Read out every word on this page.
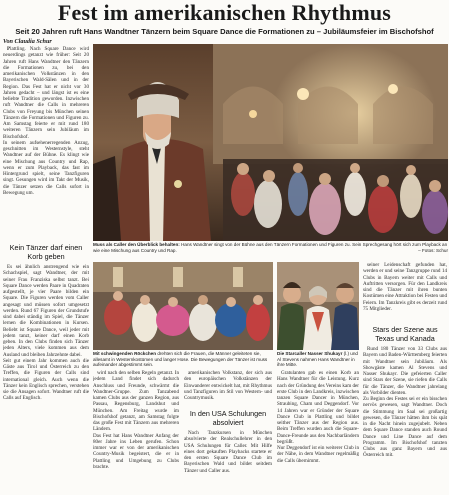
Fest im amerikanischen Rhythmus
Seit 20 Jahren ruft Hans Wandtner Tänzern beim Square Dance die Formationen zu – Jubiläumsfeier im Bischofshof
Von Claudia Schur

Plattling. Nach Square Dance wird neuerdings getanzt wie früher: Seit 20 Jahren ruft Hans Wandtner den Tänzern die Formationen zu, bei den amerikanischen Volkstänzen in den Bayerischen Wald-Sälen und in der Region. Das Fest hat er nicht vor 30 Jahren gedacht – und längst ist es eine beliebte Tradition geworden. Inzwischen ruft Wandtner die Calls in mehreren Clubs von Freyung bis München seinen Tänzern die Formationen und Figuren zu. Am Samstag feierte er mit rund 180 weiteren Tänzern sein Jubiläum im Bischofshof.
In seinem aufsehenerregenden Anzug, geschnitten im Westernstyle, steht Wandtner auf der Bühne. Es klingt wie eine Mischung aus Country und Rap, wenn er zum Playback, das fast im Hintergrund spielt, seine Tanzfiguren singt. Gesungen wird im Takt der Musik, die Tänzer setzen die Calls sofort in Bewegung um.

Muss als Caller den Überblick behalten: Hans Wandtner singt von der Bühne aus den Tänzern Formationen und Figuren zu. Sein Sprechgesang hört sich zum Playback an wie eine Mischung aus Country und Rap.	– Fotos: Schur
Kein Tänzer darf einen Korb geben

Es sei ähnlich anstrengend wie ein Schachspiel, sagt Wandtner, der mit seiner Frau Franziska selbst tanzt. Bei Square Dance werden Paare in Quadraten aufgestellt, je vier Paare bilden ein Square. Die Figuren werden vom Caller angesagt und müssen sofort umgesetzt werden. Rund 67 Figuren der Grundstufe sind dabei ständig im Spiel, die Tänzer lernen die Kombinationen in Kursen. Beliebt ist Square Dance, weil jeder mit jedem tanzt, keiner darf einen Korb geben. In den Clubs finden sich Tänzer jeden Alters, viele kommen aus dem Ausland und bleiben Jahrzehnte dabei.
Seit gut einem Jahr kommen auch die Gäste aus Tirol und Österreich zu den Treffen, die Figuren der Calls sind international gleich. Auch wenn die Tänzer kein Englisch sprechen, verstehen sie die Ansagen sofort. Wandtner ruft die Calls auf Englisch.

Mit schwingenden Röckchen drehten sich die Frauen, die Männer geleiteten sie, allesamt in Westernkostümen und langer Hose. Die Bewegungen der Tänzer ist muss aufeinander abgestimmt sein.
Die Starcaller Nasser Shukayr (l.) und Al Stevens nahmen Hans Wandtner in ihre Mitte.

wird nach den selben Regeln getanzt. In jedem Land findet sich dadurch Anschluss und Freunde, schwärmt die Wandtner-Gruppe. Zum Tanzabend kamen Clubs aus der ganzen Region, aus Passau, Regensburg, Landshut und München. Am Freitag wurde im Bischofshof getanzt, am Samstag folgte das große Fest mit Tänzern aus mehreren Ländern.
Das Fest hat Hans Wandtner Anfang der 80er Jahre ins Leben gerufen. Schon immer war er von der amerikanischen Country-Musik begeistert, die er in Plattling und Umgebung zu Clubs brachte.

amerikanischen Volkstanz, der sich aus den europäischen Volkstänzen der Einwanderer entwickelt hat, mit Rhythmus und Tanzfiguren im Stil von Western- und Countrymusik.

In den USA Schulungen absolviert

Nach Tanzkursen in München absolvierte der Realschullehrer in den USA Schulungen für Caller. Mit Hilfe eines dort gekauften Playbacks startete er den ersten Square Dance Club im Bayerischen Wald und bildet seitdem Tänzer und Caller aus.

Gratulanten gab es einen Korb an Hans Wandtner für die Leistung. Kurz nach der Gründung des Vereins kam der erste Club in den Landkreis, inzwischen tanzen Square Dancer in München, Straubing, Cham und Deggendorf. Vor 14 Jahren war er Gründer der Square Dance Club in Plattling und bildet seither Tänzer aus der Region aus. Beim Treffen wurden auch die Square-Dance-Freunde aus den Nachbarländern begrüßt.
Nur Deggendorf ist ein weiterer Club in der Nähe, in dem Wandtner regelmäßig die Calls übernimmt.

seiner Leidenschaft gefunden hat, werden er und seine Tanzgruppe rund 14 Clubs in Bayern weiter mit Calls und Auftritten versorgen. Für den Landkreis sind die Tänzer mit ihren bunten Kostümen eine Attraktion bei Festen und Feiern. Im Tanzkreis gibt es derzeit rund 75 Mitglieder.

Stars der Szene aus Texas und Kanada

Rund 180 Tänzer von 33 Clubs aus Bayern und Baden-Württemberg feierten mit Wandtner sein Jubiläum. Als Showgäste kamen Al Stevens und Nasser Shukayr. Die gefeierten Caller sind Stars der Szene, sie riefen die Calls für die Tänzer, die Wandtner jahrelang als Vorbilder dienten.
Zu Beginn des Festes sei er ein bisschen nervös gewesen, sagt Wandtner. Doch die Stimmung im Saal sei großartig gewesen, die Tänzer hätten ihm bis spät in die Nacht hinein zugejubelt. Neben dem Square Dance standen auch Round Dance und Line Dance auf dem Programm. Im Bischofshof tanzten Clubs aus ganz Bayern und aus Österreich mit.
